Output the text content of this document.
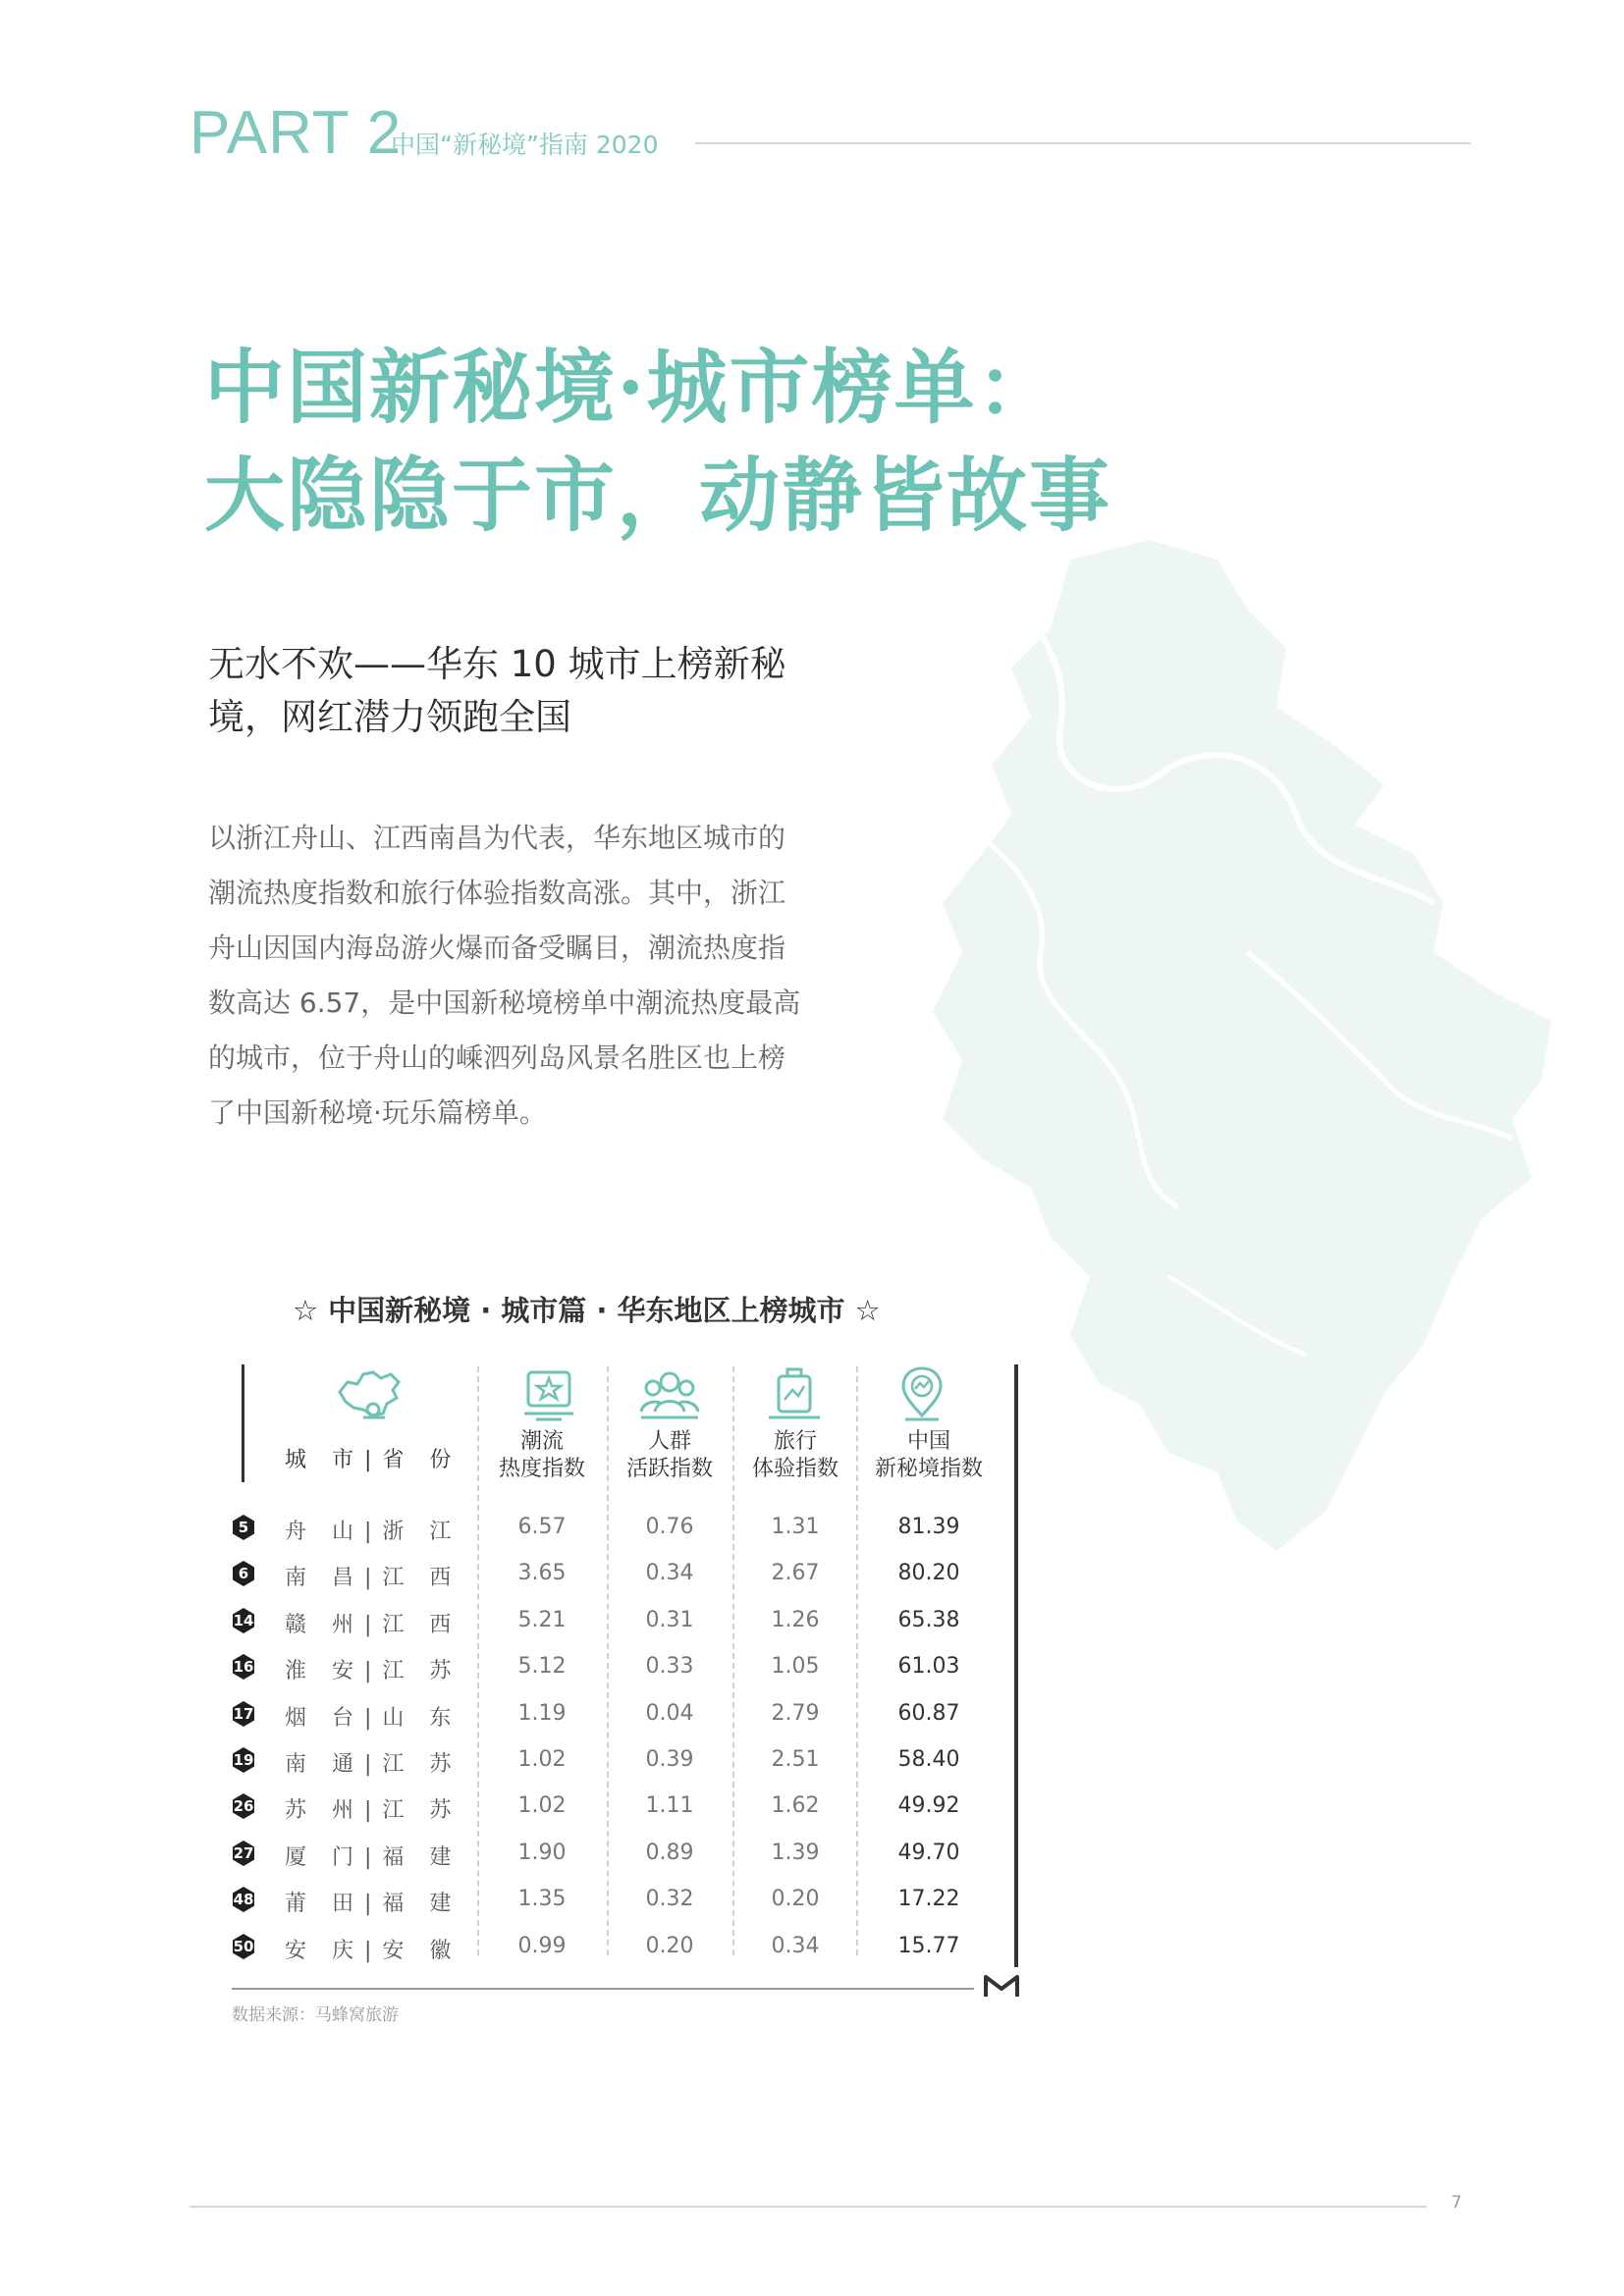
PART 2
中国“新秘境”指南 2020
中国新秘境·城市榜单：
大隐隐于市，动静皆故事
无水不欢——华东 10 城市上榜新秘
境，网红潜力领跑全国
以浙江舟山、江西南昌为代表，华东地区城市的
潮流热度指数和旅行体验指数高涨。其中，浙江
舟山因国内海岛游火爆而备受瞩目，潮流热度指
数高达 6.57，是中国新秘境榜单中潮流热度最高
的城市，位于舟山的嵊泗列岛风景名胜区也上榜
了中国新秘境·玩乐篇榜单。
☆ 中国新秘境 · 城市篇 · 华东地区上榜城市 ☆
城　市 | 省　份
潮流
热度指数
人群
活跃指数
旅行
体验指数
中国
新秘境指数
5	舟　山 | 浙　江	6.57	0.76	1.31	81.39
6	南　昌 | 江　西	3.65	0.34	2.67	80.20
14 赣　州 | 江　西	5.21	0.31	1.26	65.38
16 淮　安 | 江　苏	5.12	0.33	1.05	61.03
17 烟　台 | 山　东	1.19	0.04	2.79	60.87
19 南　通 | 江　苏	1.02	0.39	2.51	58.40
26 苏　州 | 江　苏	1.02	1.11	1.62	49.92
27 厦　门 | 福　建	1.90	0.89	1.39	49.70
48 莆　田 | 福　建	1.35	0.32	0.20	17.22
50 安　庆 | 安　徽	0.99	0.20	0.34	15.77
数据来源：马蜂窝旅游
7
